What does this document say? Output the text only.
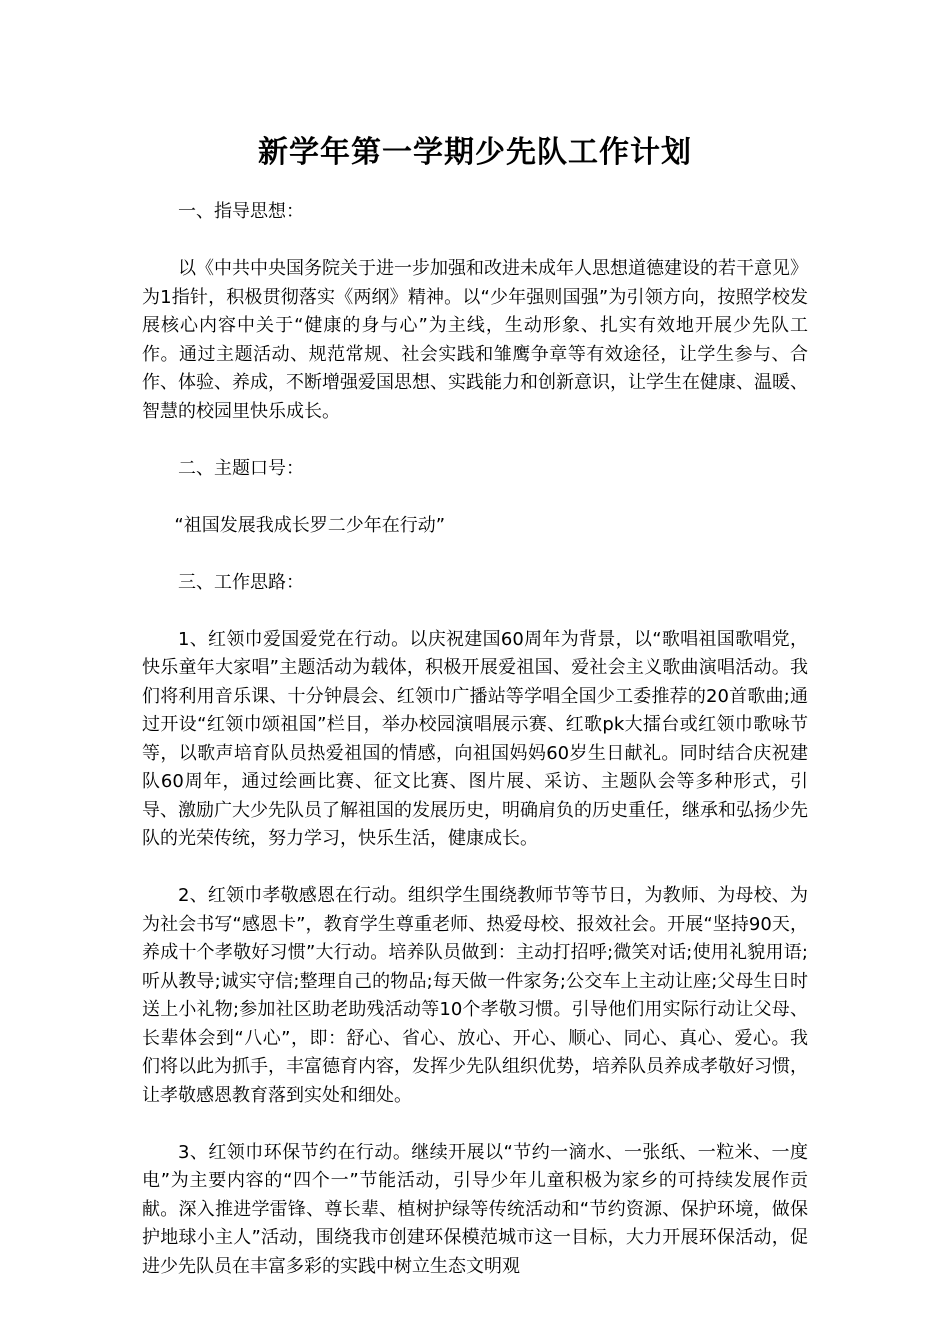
新学年第一学期少先队工作计划

一、指导思想：

以《中共中央国务院关于进一步加强和改进未成年人思想道德建设的若干意见》为1指针，积极贯彻落实《两纲》精神。以“少年强则国强”为引领方向，按照学校发展核心内容中关于“健康的身与心”为主线，生动形象、扎实有效地开展少先队工作。通过主题活动、规范常规、社会实践和雏鹰争章等有效途径，让学生参与、合作、体验、养成，不断增强爱国思想、实践能力和创新意识，让学生在健康、温暖、智慧的校园里快乐成长。

二、主题口号：

“祖国发展我成长罗二少年在行动”

三、工作思路：

1、红领巾爱国爱党在行动。以庆祝建国60周年为背景，以“歌唱祖国歌唱党，快乐童年大家唱”主题活动为载体，积极开展爱祖国、爱社会主义歌曲演唱活动。我们将利用音乐课、十分钟晨会、红领巾广播站等学唱全国少工委推荐的20首歌曲;通过开设“红领巾颂祖国”栏目，举办校园演唱展示赛、红歌pk大擂台或红领巾歌咏节等，以歌声培育队员热爱祖国的情感，向祖国妈妈60岁生日献礼。同时结合庆祝建队60周年，通过绘画比赛、征文比赛、图片展、采访、主题队会等多种形式，引导、激励广大少先队员了解祖国的发展历史，明确肩负的历史重任，继承和弘扬少先队的光荣传统，努力学习，快乐生活，健康成长。

2、红领巾孝敬感恩在行动。组织学生围绕教师节等节日，为教师、为母校、为为社会书写“感恩卡”，教育学生尊重老师、热爱母校、报效社会。开展“坚持90天，养成十个孝敬好习惯”大行动。培养队员做到：主动打招呼;微笑对话;使用礼貌用语;听从教导;诚实守信;整理自己的物品;每天做一件家务;公交车上主动让座;父母生日时送上小礼物;参加社区助老助残活动等10个孝敬习惯。引导他们用实际行动让父母、长辈体会到“八心”，即：舒心、省心、放心、开心、顺心、同心、真心、爱心。我们将以此为抓手，丰富德育内容，发挥少先队组织优势，培养队员养成孝敬好习惯，让孝敬感恩教育落到实处和细处。

3、红领巾环保节约在行动。继续开展以“节约一滴水、一张纸、一粒米、一度电”为主要内容的“四个一”节能活动，引导少年儿童积极为家乡的可持续发展作贡献。深入推进学雷锋、尊长辈、植树护绿等传统活动和“节约资源、保护环境，做保护地球小主人”活动，围绕我市创建环保模范城市这一目标，大力开展环保活动，促进少先队员在丰富多彩的实践中树立生态文明观
